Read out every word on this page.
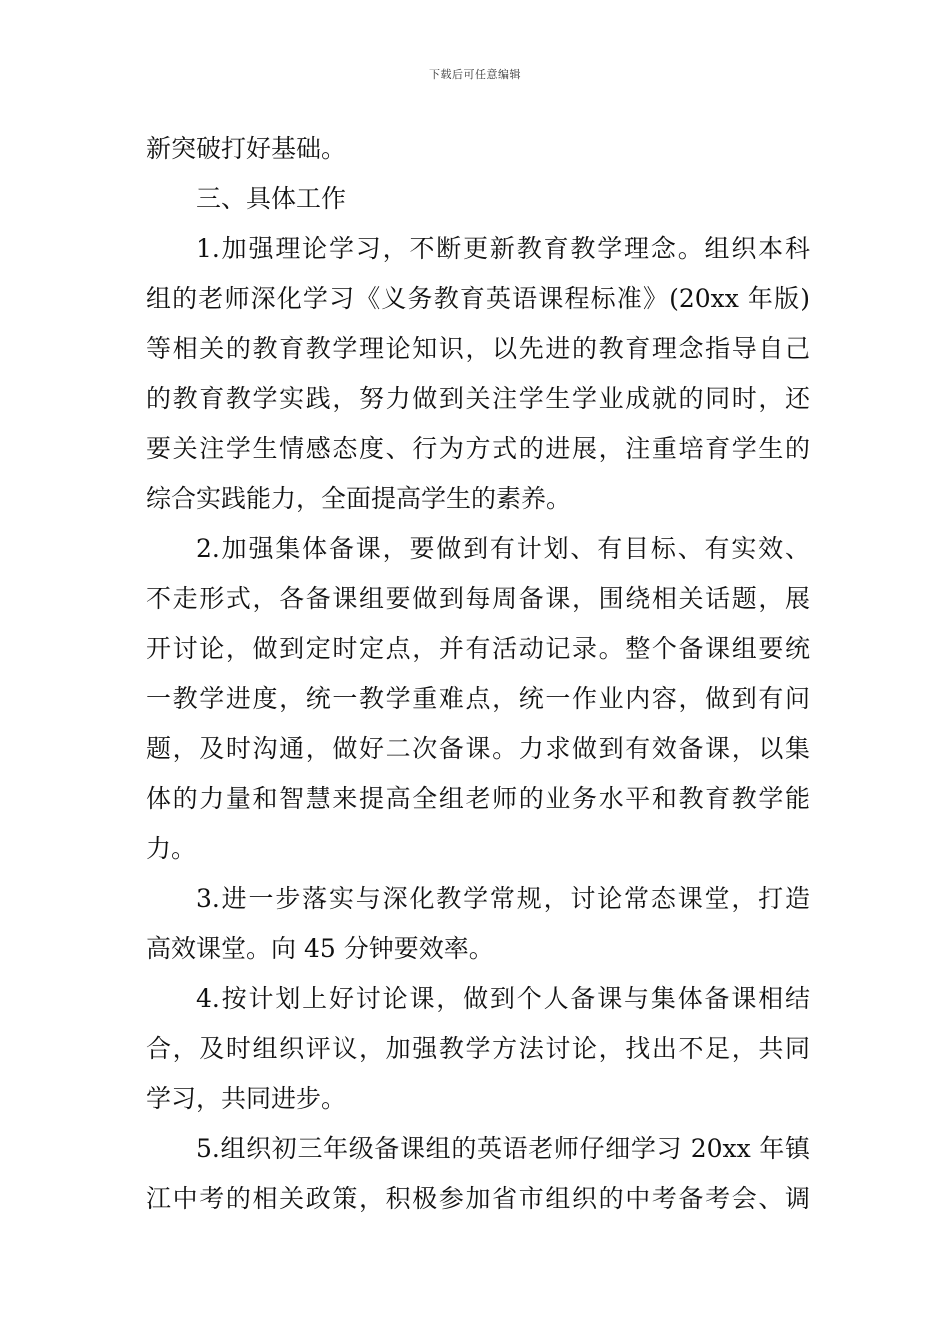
下载后可任意编辑
新突破打好基础。
三、具体工作
1.加强理论学习，不断更新教育教学理念。组织本科
组的老师深化学习《义务教育英语课程标准》(20xx 年版)
等相关的教育教学理论知识，以先进的教育理念指导自己
的教育教学实践，努力做到关注学生学业成就的同时，还
要关注学生情感态度、行为方式的进展，注重培育学生的
综合实践能力，全面提高学生的素养。
2.加强集体备课，要做到有计划、有目标、有实效、
不走形式，各备课组要做到每周备课，围绕相关话题，展
开讨论，做到定时定点，并有活动记录。整个备课组要统
一教学进度，统一教学重难点，统一作业内容，做到有问
题，及时沟通，做好二次备课。力求做到有效备课，以集
体的力量和智慧来提高全组老师的业务水平和教育教学能
力。
3.进一步落实与深化教学常规，讨论常态课堂，打造
高效课堂。向 45 分钟要效率。
4.按计划上好讨论课，做到个人备课与集体备课相结
合，及时组织评议，加强教学方法讨论，找出不足，共同
学习，共同进步。
5.组织初三年级备课组的英语老师仔细学习 20xx 年镇
江中考的相关政策，积极参加省市组织的中考备考会、调
